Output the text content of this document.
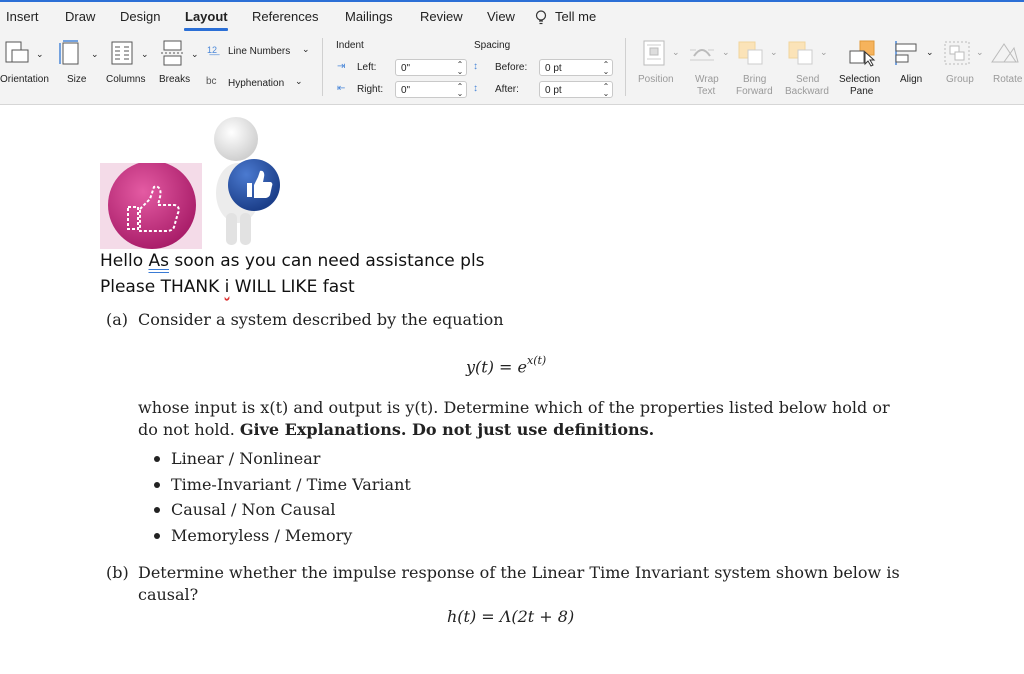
Insert Draw Design Layout References Mailings Review View	Tell me
⌄
Orientation
⌄
Size
⌄
Columns
⌄
Breaks
1̲2̲ Line Numbers ⌄
bc Hyphenation ⌄
Indent
⇥ Left:	0"	⌃
⌄
⇤ Right:	0"	⌃
⌄
Spacing
↕ Before:	0 pt	⌃
⌄
↕ After:	0 pt	⌃
⌄
⌄
Position
⌄
Wrap
Text
⌄
Bring
Forward
⌄
Send
Backward
Selection
Pane
⌄
Align
⌄
Group Rotate
Hello As soon as you can need assistance pls
Please THANK i WILL LIKE fast
(a) Consider a system described by the equation
$y(t) = e^{x(t)}$
whose input is x(t) and output is y(t). Determine which of the properties listed below hold or
do not hold. Give Explanations. Do not just use definitions.
Linear / Nonlinear
Time-Invariant / Time Variant
Causal / Non Causal
Memoryless / Memory
(b) Determine whether the impulse response of the Linear Time Invariant system shown below is
causal?
h(t) = Λ(2t + 8)
